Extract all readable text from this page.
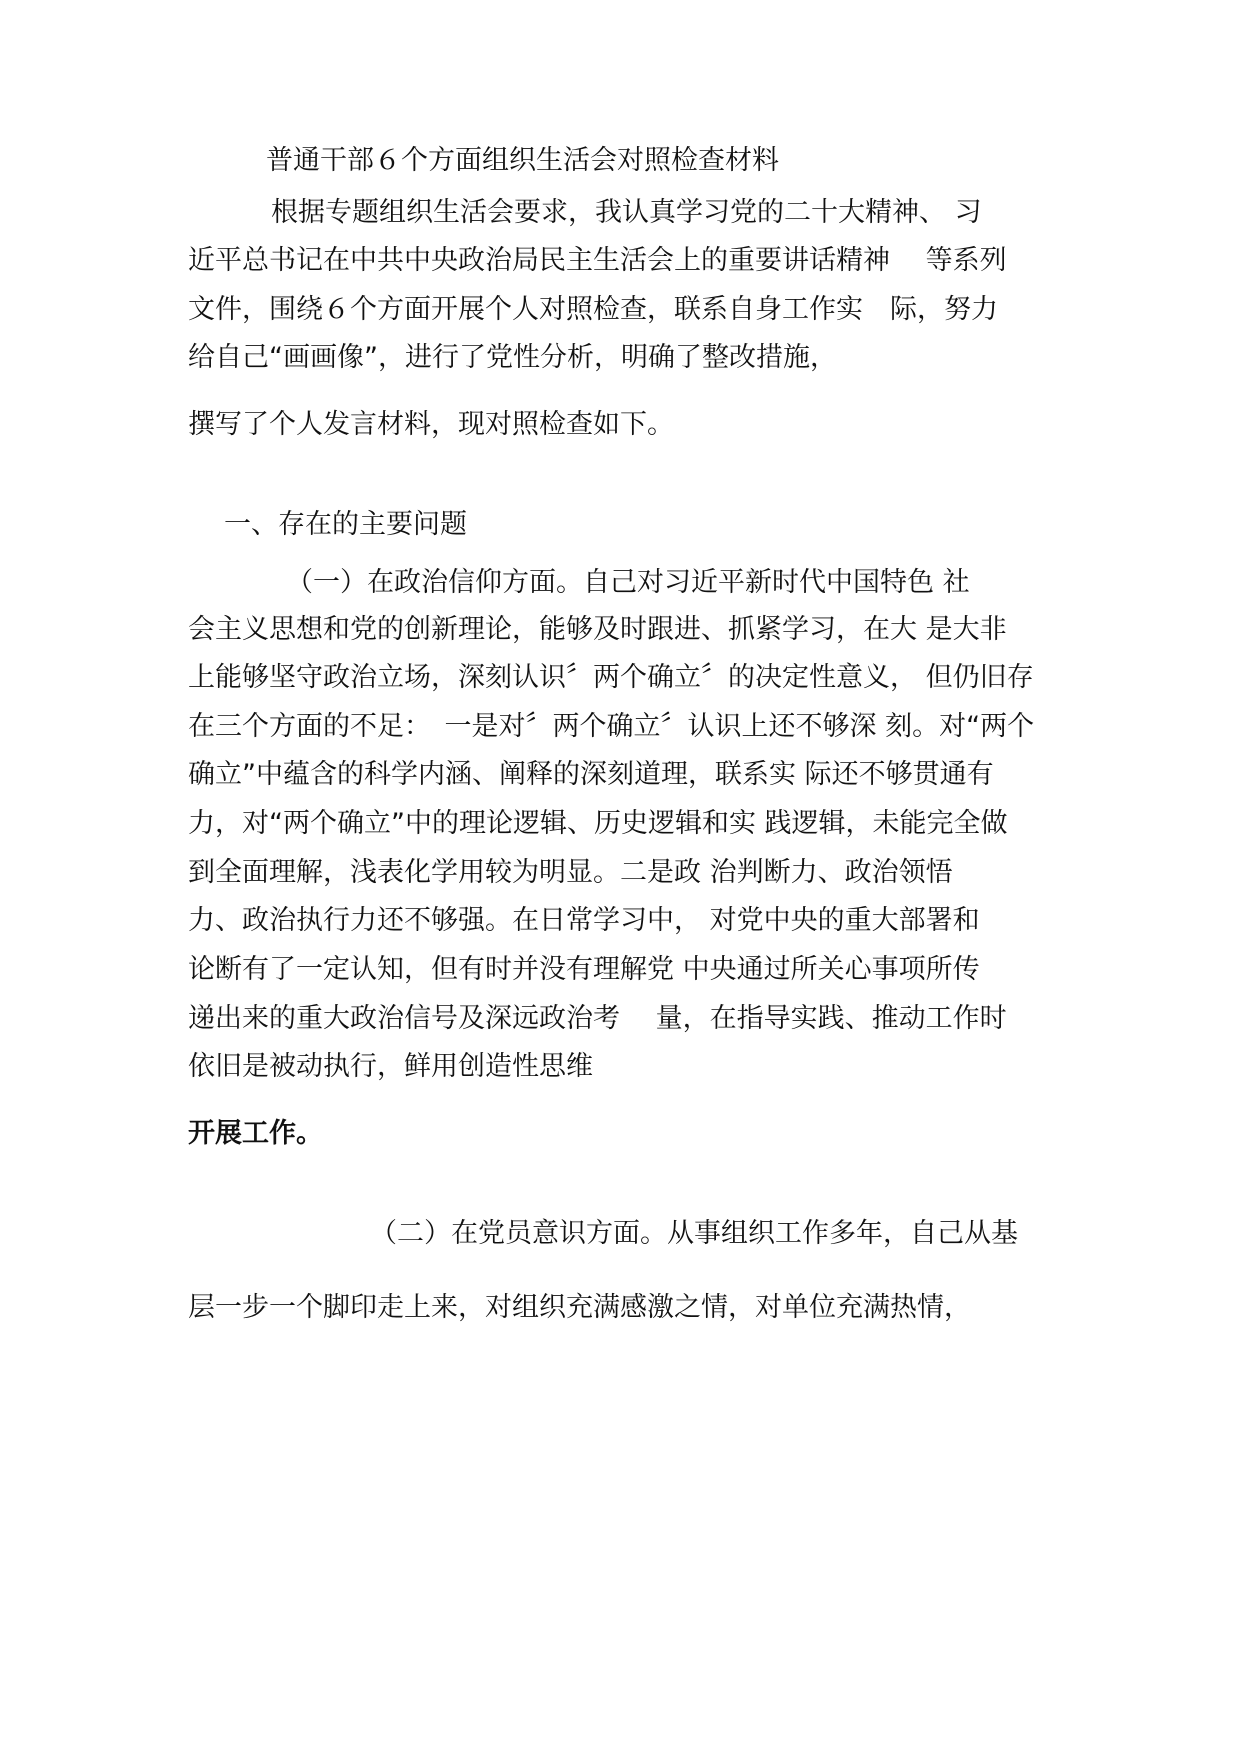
普通干部６个方面组织生活会对照检查材料
根据专题组织生活会要求，我认真学习党的二十大精神、 习
近平总书记在中共中央政治局民主生活会上的重要讲话精神 　等系列
文件，围绕６个方面开展个人对照检查，联系自身工作实　际，努力
给自己“画画像”，进行了党性分析，明确了整改措施，
撰写了个人发言材料，现对照检查如下。
一、存在的主要问题
（一）在政治信仰方面。自己对习近平新时代中国特色 社
会主义思想和党的创新理论，能够及时跟进、抓紧学习，在大 是大非
上能够坚守政治立场，深刻认识〞两个确立〞的决定性意义， 但仍旧存
在三个方面的不足：　一是对〞两个确立〞认识上还不够深 刻。对“两个
确立”中蕴含的科学内涵、阐释的深刻道理，联系实 际还不够贯通有
力，对“两个确立”中的理论逻辑、历史逻辑和实 践逻辑，未能完全做
到全面理解，浅表化学用较为明显。二是政 治判断力、政治领悟
力、政治执行力还不够强。在日常学习中， 对党中央的重大部署和
论断有了一定认知，但有时并没有理解党 中央通过所关心事项所传
递出来的重大政治信号及深远政治考 　量，在指导实践、推动工作时
依旧是被动执行，鲜用创造性思维
开展工作。
（二）在党员意识方面。从事组织工作多年，自己从基
层一步一个脚印走上来，对组织充满感激之情，对单位充满热情，
